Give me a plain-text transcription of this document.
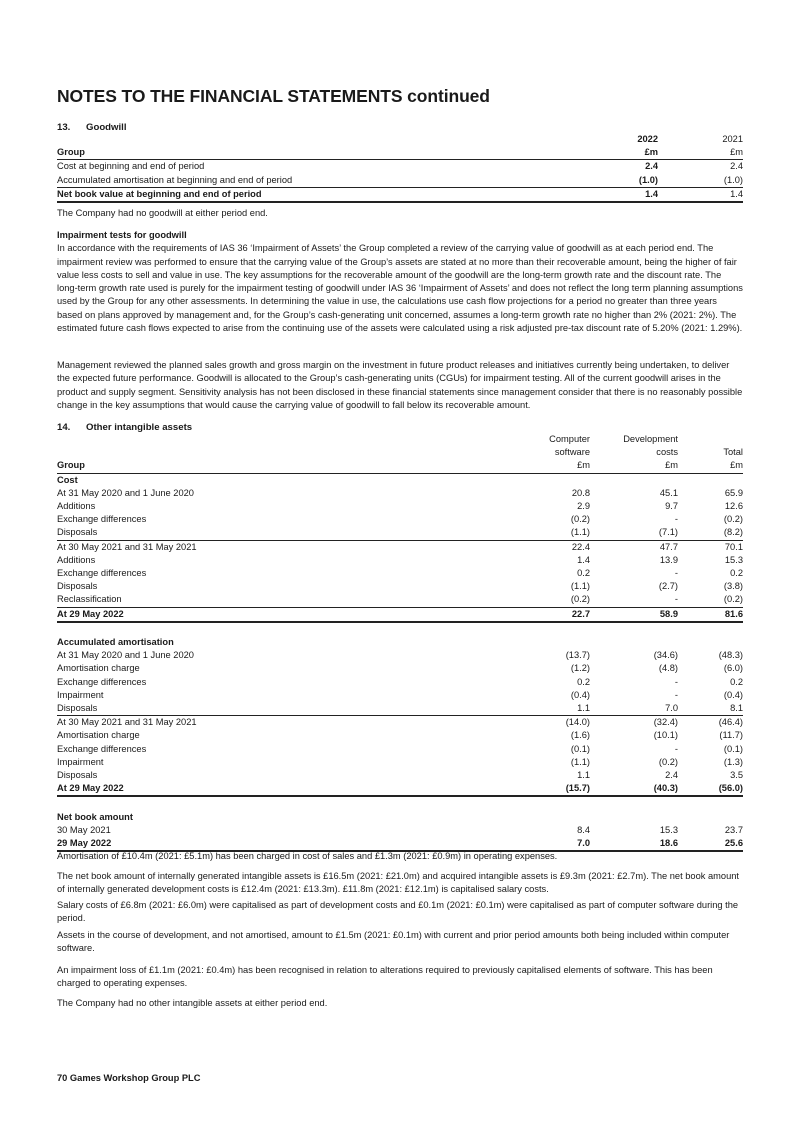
NOTES TO THE FINANCIAL STATEMENTS continued
13. Goodwill
	2022	2021
Group	£m	£m
Cost at beginning and end of period	2.4	2.4
Accumulated amortisation at beginning and end of period	(1.0)	(1.0)
Net book value at beginning and end of period	1.4	1.4

The Company had no goodwill at either period end.

Impairment tests for goodwill
In accordance with the requirements of IAS 36 ‘Impairment of Assets’ the Group completed a review of the carrying value of goodwill as at each period end. The impairment review was performed to ensure that the carrying value of the Group’s assets are stated at no more than their recoverable amount, being the higher of fair value less costs to sell and value in use. The key assumptions for the recoverable amount of the goodwill are the long-term growth rate and the discount rate. The long-term growth rate used is purely for the impairment testing of goodwill under IAS 36 ‘Impairment of Assets’ and does not reflect the long term planning assumptions used by the Group for any other assessments. In determining the value in use, the calculations use cash flow projections for a period no greater than three years based on plans approved by management and, for the Group’s cash-generating unit concerned, assumes a long-term growth rate no higher than 2% (2021: 2%). The estimated future cash flows expected to arise from the continuing use of the assets were calculated using a risk adjusted pre-tax discount rate of 5.20% (2021: 1.29%).

Management reviewed the planned sales growth and gross margin on the investment in future product releases and initiatives currently being undertaken, to deliver the expected future performance. Goodwill is allocated to the Group’s cash-generating units (CGUs) for impairment testing. All of the current goodwill arises in the product and supply segment. Sensitivity analysis has not been disclosed in these financial statements since management consider that there is no reasonably possible change in the key assumptions that would cause the carrying value of goodwill to fall below its recoverable amount.

14. Other intangible assets
	Computer	Development	
	software	costs	Total
Group	£m	£m	£m
Cost			
At 31 May 2020 and 1 June 2020	20.8	45.1	65.9
Additions	2.9	9.7	12.6
Exchange differences	(0.2)	-	(0.2)
Disposals	(1.1)	(7.1)	(8.2)
At 30 May 2021 and 31 May 2021	22.4	47.7	70.1
Additions	1.4	13.9	15.3
Exchange differences	0.2	-	0.2
Disposals	(1.1)	(2.7)	(3.8)
Reclassification	(0.2)	-	(0.2)
At 29 May 2022	22.7	58.9	81.6

Accumulated amortisation			
At 31 May 2020 and 1 June 2020	(13.7)	(34.6)	(48.3)
Amortisation charge	(1.2)	(4.8)	(6.0)
Exchange differences	0.2	-	0.2
Impairment	(0.4)	-	(0.4)
Disposals	1.1	7.0	8.1
At 30 May 2021 and 31 May 2021	(14.0)	(32.4)	(46.4)
Amortisation charge	(1.6)	(10.1)	(11.7)
Exchange differences	(0.1)	-	(0.1)
Impairment	(1.1)	(0.2)	(1.3)
Disposals	1.1	2.4	3.5
At 29 May 2022	(15.7)	(40.3)	(56.0)

Net book amount			
30 May 2021	8.4	15.3	23.7
29 May 2022	7.0	18.6	25.6

Amortisation of £10.4m (2021: £5.1m) has been charged in cost of sales and £1.3m (2021: £0.9m) in operating expenses.

The net book amount of internally generated intangible assets is £16.5m (2021: £21.0m) and acquired intangible assets is £9.3m (2021: £2.7m). The net book amount of internally generated development costs is £12.4m (2021: £13.3m). £11.8m (2021: £12.1m) is capitalised salary costs.

Salary costs of £6.8m (2021: £6.0m) were capitalised as part of development costs and £0.1m (2021: £0.1m) were capitalised as part of computer software during the period.

Assets in the course of development, and not amortised, amount to £1.5m (2021: £0.1m) with current and prior period amounts both being included within computer software.

An impairment loss of £1.1m (2021: £0.4m) has been recognised in relation to alterations required to previously capitalised elements of software. This has been charged to operating expenses.

The Company had no other intangible assets at either period end.

70 Games Workshop Group PLC
